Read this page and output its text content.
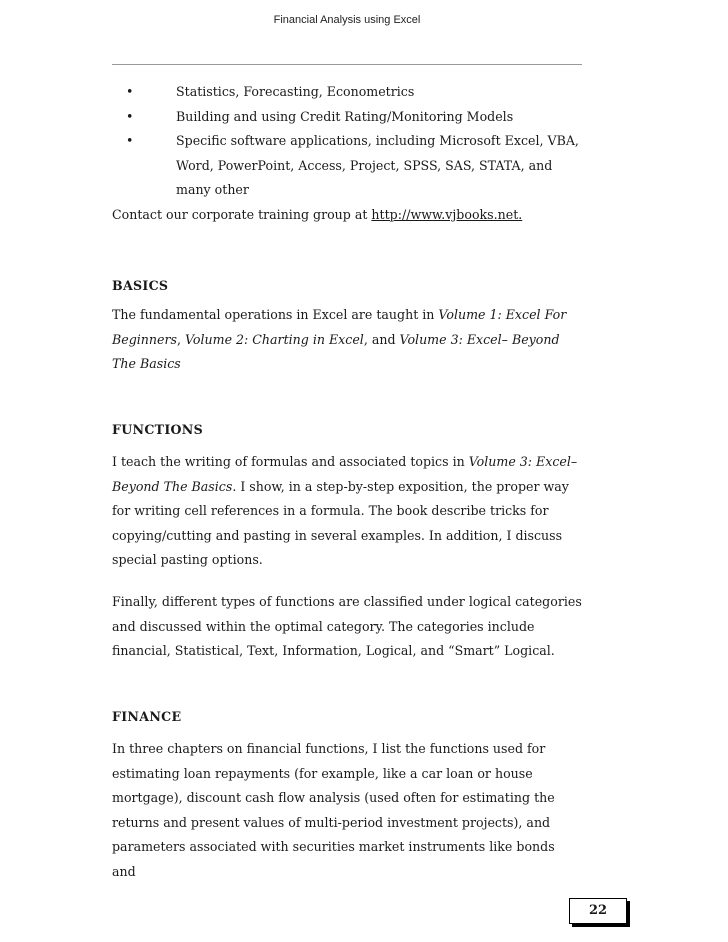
Financial Analysis using Excel
•	Statistics, Forecasting, Econometrics
•	Building and using Credit Rating/Monitoring Models
•	Specific software applications, including Microsoft Excel, VBA,
Word, PowerPoint, Access, Project, SPSS, SAS, STATA, and
many other

Contact our corporate training group at http://www.vjbooks.net.

BASICS

The fundamental operations in Excel are taught in Volume 1: Excel For Beginners, Volume 2: Charting in Excel, and Volume 3: Excel– Beyond The Basics

FUNCTIONS

I teach the writing of formulas and associated topics in Volume 3: Excel–Beyond The Basics. I show, in a step-by-step exposition, the proper way for writing cell references in a formula. The book describe tricks for copying/cutting and pasting in several examples. In addition, I discuss special pasting options.

Finally, different types of functions are classified under logical categories and discussed within the optimal category. The categories include financial, Statistical, Text, Information, Logical, and “Smart” Logical.

FINANCE

In three chapters on financial functions, I list the functions used for estimating loan repayments (for example, like a car loan or house mortgage), discount cash flow analysis (used often for estimating the returns and present values of multi-period investment projects), and parameters associated with securities market instruments like bonds and

22
